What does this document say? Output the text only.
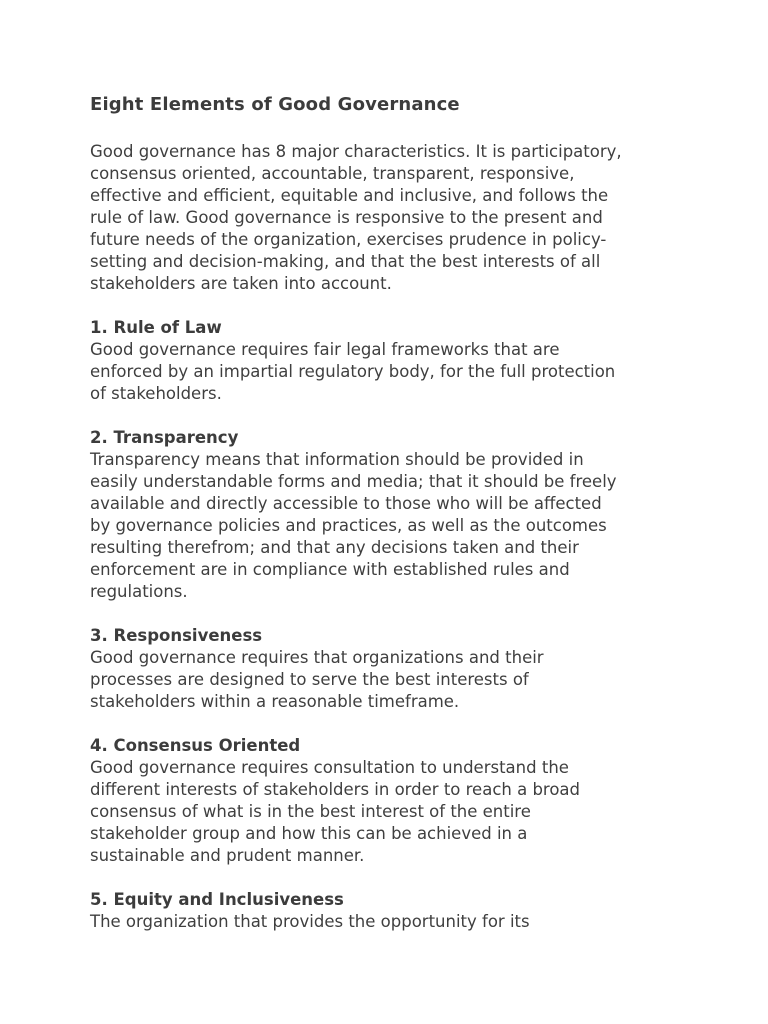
Eight Elements of Good Governance

Good governance has 8 major characteristics. It is participatory,
consensus oriented, accountable, transparent, responsive,
effective and efficient, equitable and inclusive, and follows the
rule of law. Good governance is responsive to the present and
future needs of the organization, exercises prudence in policy-
setting and decision-making, and that the best interests of all
stakeholders are taken into account.

1. Rule of Law

Good governance requires fair legal frameworks that are
enforced by an impartial regulatory body, for the full protection
of stakeholders.

2. Transparency

Transparency means that information should be provided in
easily understandable forms and media; that it should be freely
available and directly accessible to those who will be affected
by governance policies and practices, as well as the outcomes
resulting therefrom; and that any decisions taken and their
enforcement are in compliance with established rules and
regulations.

3. Responsiveness

Good governance requires that organizations and their
processes are designed to serve the best interests of
stakeholders within a reasonable timeframe.

4. Consensus Oriented

Good governance requires consultation to understand the
different interests of stakeholders in order to reach a broad
consensus of what is in the best interest of the entire
stakeholder group and how this can be achieved in a
sustainable and prudent manner.

5. Equity and Inclusiveness

The organization that provides the opportunity for its
